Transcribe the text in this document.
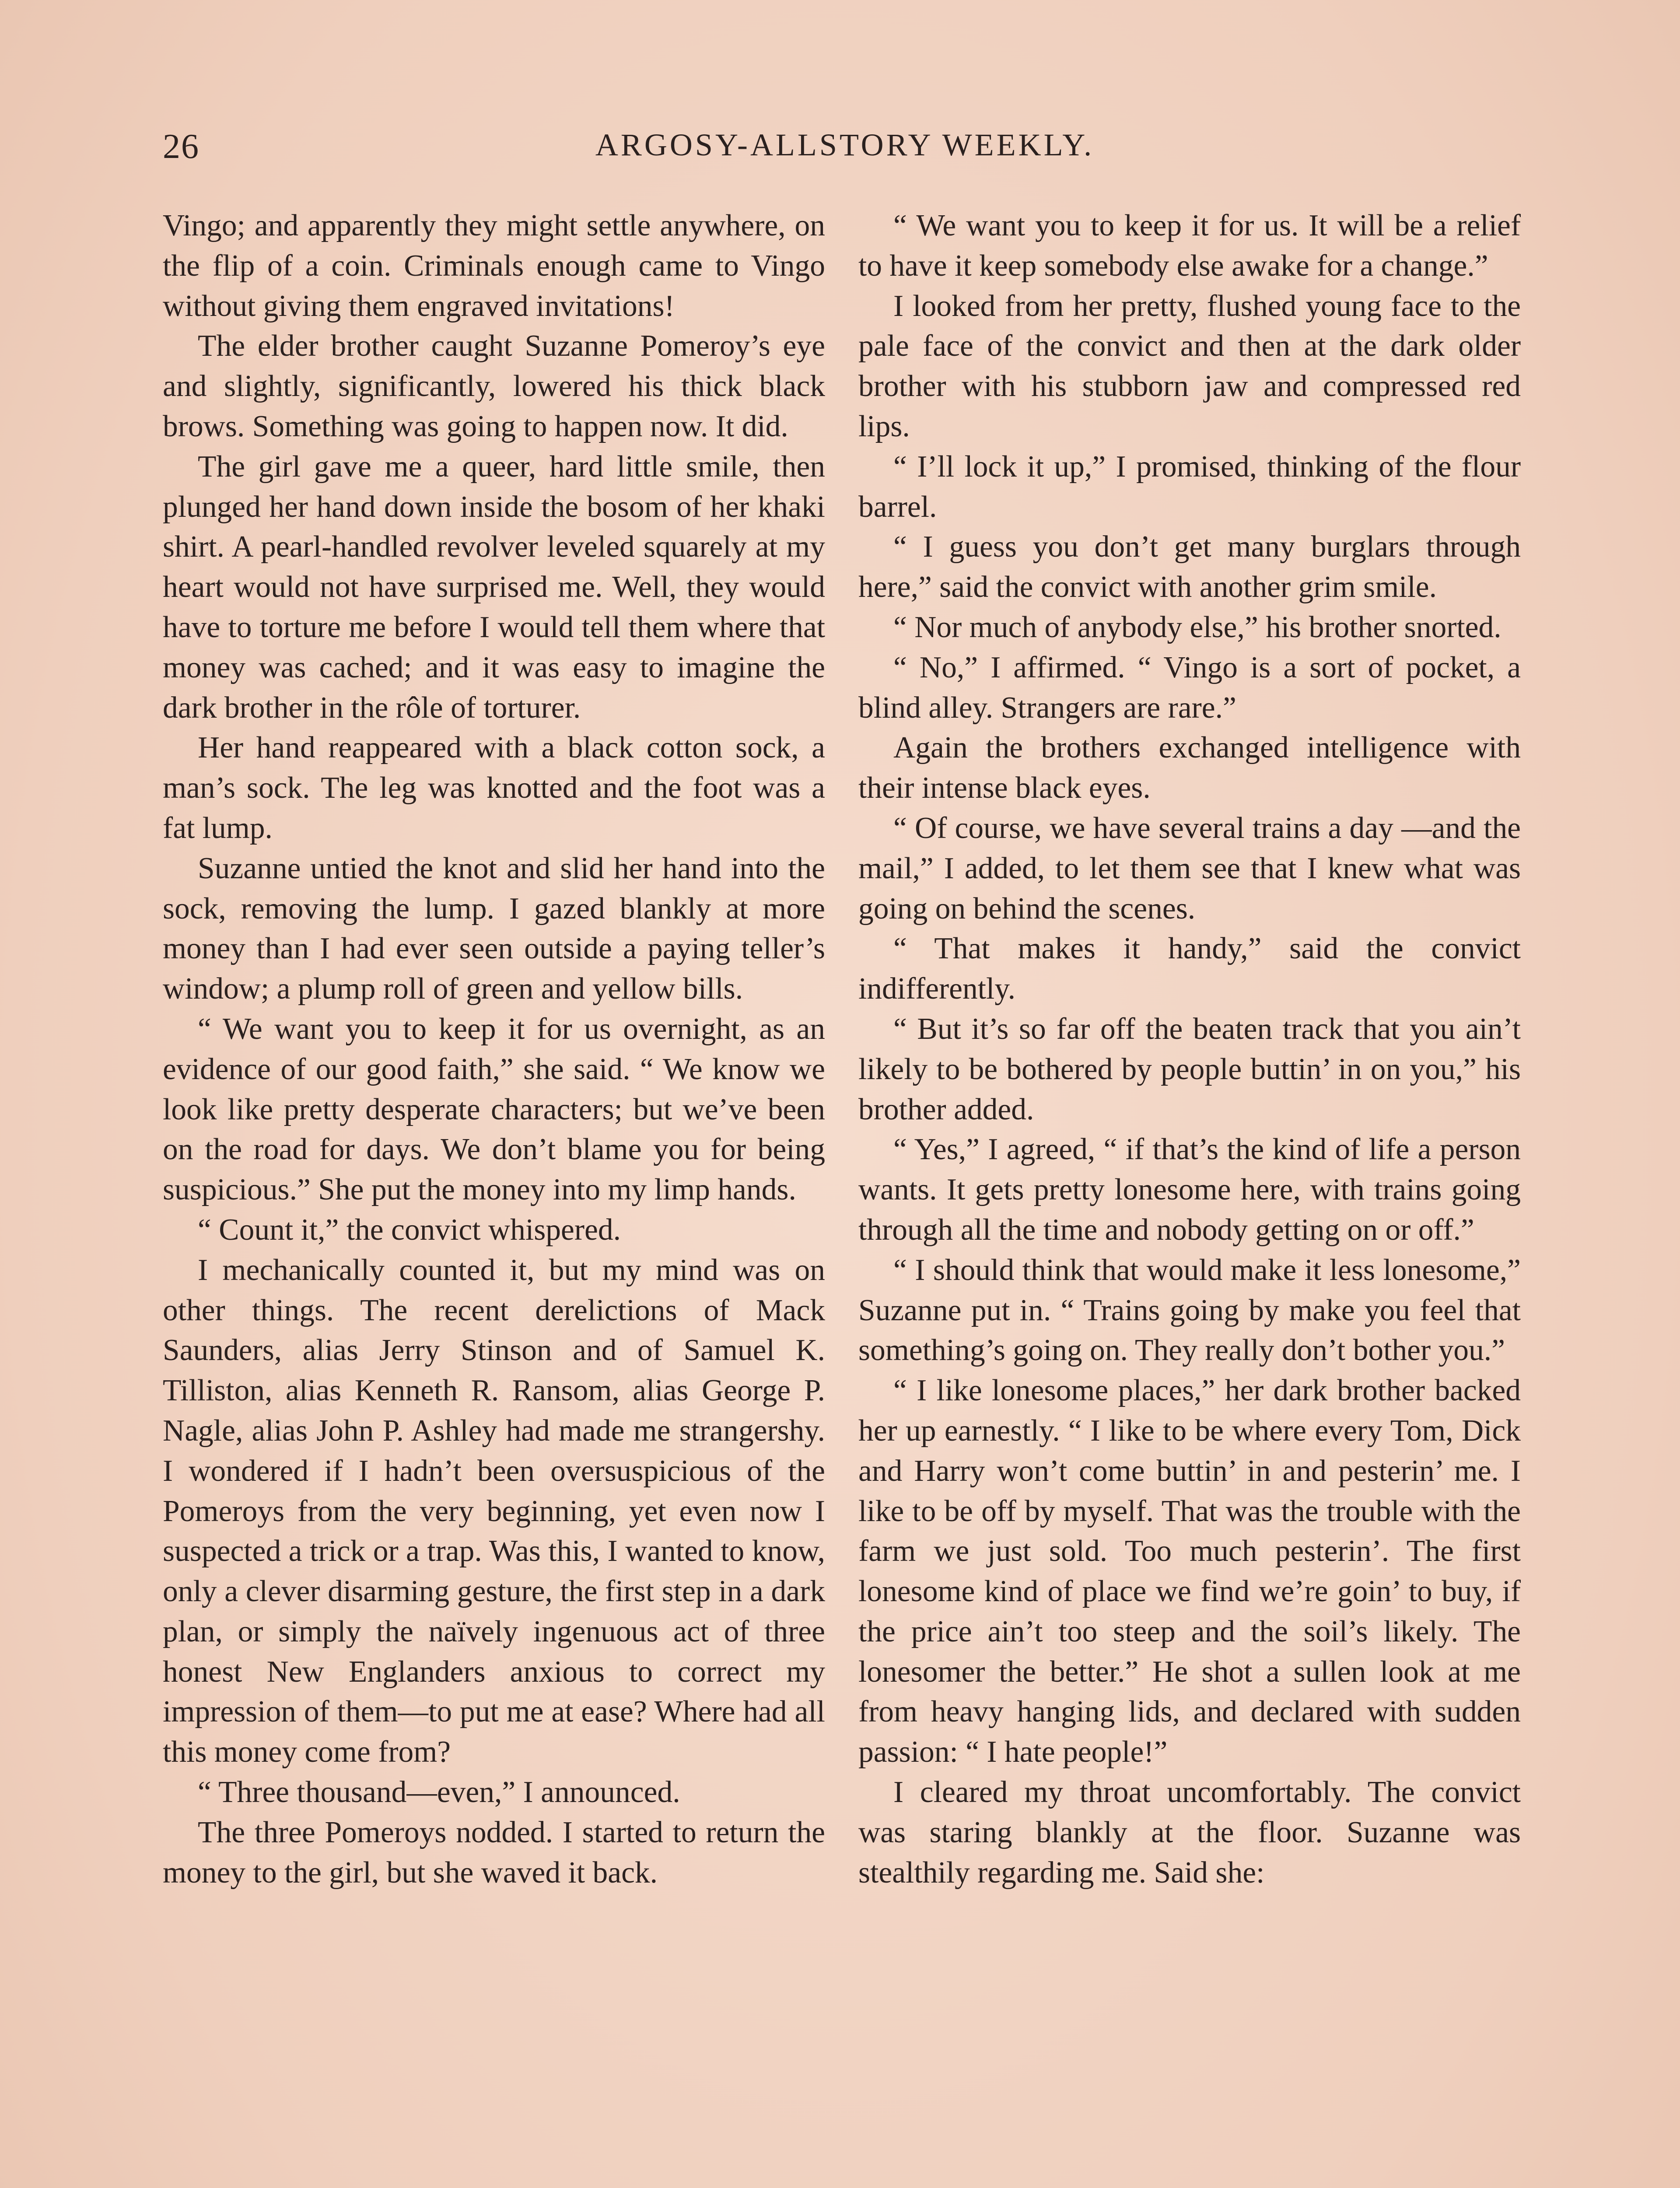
26	ARGOSY-ALLSTORY WEEKLY.

Vingo; and apparently they might settle anywhere, on the flip of a coin. Criminals enough came to Vingo without giving them engraved invitations!

The elder brother caught Suzanne Pomeroy’s eye and slightly, significantly, lowered his thick black brows. Something was going to happen now. It did.

The girl gave me a queer, hard little smile, then plunged her hand down inside the bosom of her khaki shirt. A pearl-handled revolver leveled squarely at my heart would not have surprised me. Well, they would have to torture me before I would tell them where that money was cached; and it was easy to imagine the dark brother in the rôle of torturer.

Her hand reappeared with a black cotton sock, a man’s sock. The leg was knotted and the foot was a fat lump.

Suzanne untied the knot and slid her hand into the sock, removing the lump. I gazed blankly at more money than I had ever seen outside a paying teller’s window; a plump roll of green and yellow bills.

“ We want you to keep it for us overnight, as an evidence of our good faith,” she said. “ We know we look like pretty desperate characters; but we’ve been on the road for days. We don’t blame you for being suspicious.” She put the money into my limp hands.

“ Count it,” the convict whispered.

I mechanically counted it, but my mind was on other things. The recent derelictions of Mack Saunders, alias Jerry Stinson and of Samuel K. Tilliston, alias Kenneth R. Ransom, alias George P. Nagle, alias John P. Ashley had made me strangershy. I wondered if I hadn’t been oversuspicious of the Pomeroys from the very beginning, yet even now I suspected a trick or a trap. Was this, I wanted to know, only a clever disarming gesture, the first step in a dark plan, or simply the naïvely ingenuous act of three honest New Englanders anxious to correct my impression of them—to put me at ease? Where had all this money come from?

“ Three thousand—even,” I announced.

The three Pomeroys nodded. I started to return the money to the girl, but she waved it back.

“ We want you to keep it for us. It will be a relief to have it keep somebody else awake for a change.”

I looked from her pretty, flushed young face to the pale face of the convict and then at the dark older brother with his stubborn jaw and compressed red lips.

“ I’ll lock it up,” I promised, thinking of the flour barrel.

“ I guess you don’t get many burglars through here,” said the convict with another grim smile.

“ Nor much of anybody else,” his brother snorted.

“ No,” I affirmed. “ Vingo is a sort of pocket, a blind alley. Strangers are rare.”

Again the brothers exchanged intelligence with their intense black eyes.

“ Of course, we have several trains a day —and the mail,” I added, to let them see that I knew what was going on behind the scenes.

“ That makes it handy,” said the convict indifferently.

“ But it’s so far off the beaten track that you ain’t likely to be bothered by people buttin’ in on you,” his brother added.

“ Yes,” I agreed, “ if that’s the kind of life a person wants. It gets pretty lonesome here, with trains going through all the time and nobody getting on or off.”

“ I should think that would make it less lonesome,” Suzanne put in. “ Trains going by make you feel that something’s going on. They really don’t bother you.”

“ I like lonesome places,” her dark brother backed her up earnestly. “ I like to be where every Tom, Dick and Harry won’t come buttin’ in and pesterin’ me. I like to be off by myself. That was the trouble with the farm we just sold. Too much pesterin’. The first lonesome kind of place we find we’re goin’ to buy, if the price ain’t too steep and the soil’s likely. The lonesomer the better.” He shot a sullen look at me from heavy hanging lids, and declared with sudden passion: “ I hate people!”

I cleared my throat uncomfortably. The convict was staring blankly at the floor. Suzanne was stealthily regarding me. Said she:
